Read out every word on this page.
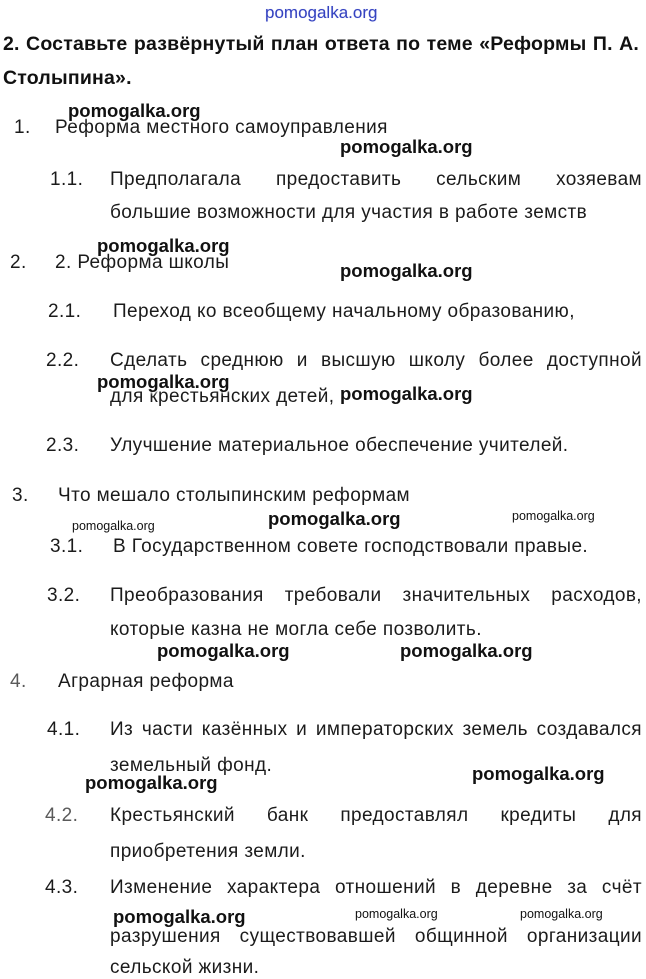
pomogalka.org
2. Составьте развёрнутый план ответа по теме «Реформы П. А.
Столыпина».
1. Реформа местного самоуправления
1.1. Предполагала предоставить сельским хозяевам
большие возможности для участия в работе земств
2. 2. Реформа школы
2.1. Переход ко всеобщему начальному образованию,
2.2. Сделать среднюю и высшую школу более доступной
для крестьянских детей,
2.3. Улучшение материальное обеспечение учителей.
3. Что мешало столыпинским реформам
3.1. В Государственном совете господствовали правые.
3.2. Преобразования требовали значительных расходов,
которые казна не могла себе позволить.
4. Аграрная реформа
4.1. Из части казённых и императорских земель создавался
земельный фонд.
4.2. Крестьянский банк предоставлял кредиты для
приобретения земли.
4.3. Изменение характера отношений в деревне за счёт
разрушения существовавшей общинной организации
сельской жизни.
pomogalka.org
pomogalka.org
pomogalka.org
pomogalka.org
pomogalka.org
pomogalka.org
pomogalka.org	pomogalka.org
pomogalka.org
pomogalka.org	pomogalka.org
pomogalka.org
pomogalka.org
pomogalka.org	pomogalka.org	pomogalka.org
